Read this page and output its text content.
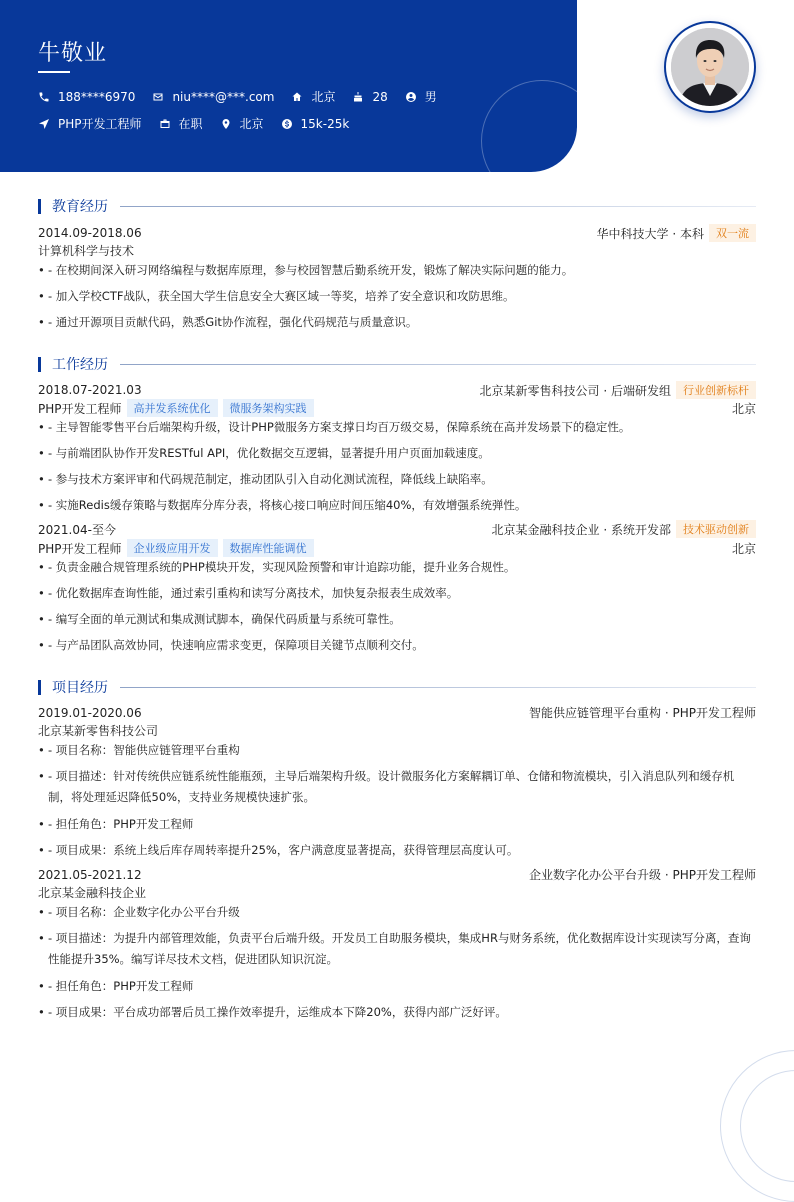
牛敬业
188****6970	niu****@***.com	北京	28	男
PHP开发工程师	在职	北京	15k-25k
教育经历
2014.09-2018.06	华中科技大学 · 本科	双一流
计算机科学与技术
• - 在校期间深入研习网络编程与数据库原理，参与校园智慧后勤系统开发，锻炼了解决实际问题的能力。
• - 加入学校CTF战队，获全国大学生信息安全大赛区域一等奖，培养了安全意识和攻防思维。
• - 通过开源项目贡献代码，熟悉Git协作流程，强化代码规范与质量意识。
工作经历
2018.07-2021.03	北京某新零售科技公司 · 后端研发组	行业创新标杆
PHP开发工程师	高并发系统优化	微服务架构实践	北京
• - 主导智能零售平台后端架构升级，设计PHP微服务方案支撑日均百万级交易，保障系统在高并发场景下的稳定性。
• - 与前端团队协作开发RESTful API，优化数据交互逻辑，显著提升用户页面加载速度。
• - 参与技术方案评审和代码规范制定，推动团队引入自动化测试流程，降低线上缺陷率。
• - 实施Redis缓存策略与数据库分库分表，将核心接口响应时间压缩40%，有效增强系统弹性。
2021.04-至今	北京某金融科技企业 · 系统开发部	技术驱动创新
PHP开发工程师	企业级应用开发	数据库性能调优	北京
• - 负责金融合规管理系统的PHP模块开发，实现风险预警和审计追踪功能，提升业务合规性。
• - 优化数据库查询性能，通过索引重构和读写分离技术，加快复杂报表生成效率。
• - 编写全面的单元测试和集成测试脚本，确保代码质量与系统可靠性。
• - 与产品团队高效协同，快速响应需求变更，保障项目关键节点顺利交付。
项目经历
2019.01-2020.06	智能供应链管理平台重构 · PHP开发工程师
北京某新零售科技公司
• - 项目名称：智能供应链管理平台重构
• - 项目描述：针对传统供应链系统性能瓶颈，主导后端架构升级。设计微服务化方案解耦订单、仓储和物流模块，引入消息队列和缓存机制，将处理延迟降低50%，支持业务规模快速扩张。
• - 担任角色：PHP开发工程师
• - 项目成果：系统上线后库存周转率提升25%，客户满意度显著提高，获得管理层高度认可。
2021.05-2021.12	企业数字化办公平台升级 · PHP开发工程师
北京某金融科技企业
• - 项目名称：企业数字化办公平台升级
• - 项目描述：为提升内部管理效能，负责平台后端升级。开发员工自助服务模块，集成HR与财务系统，优化数据库设计实现读写分离，查询性能提升35%。编写详尽技术文档，促进团队知识沉淀。
• - 担任角色：PHP开发工程师
• - 项目成果：平台成功部署后员工操作效率提升，运维成本下降20%，获得内部广泛好评。
